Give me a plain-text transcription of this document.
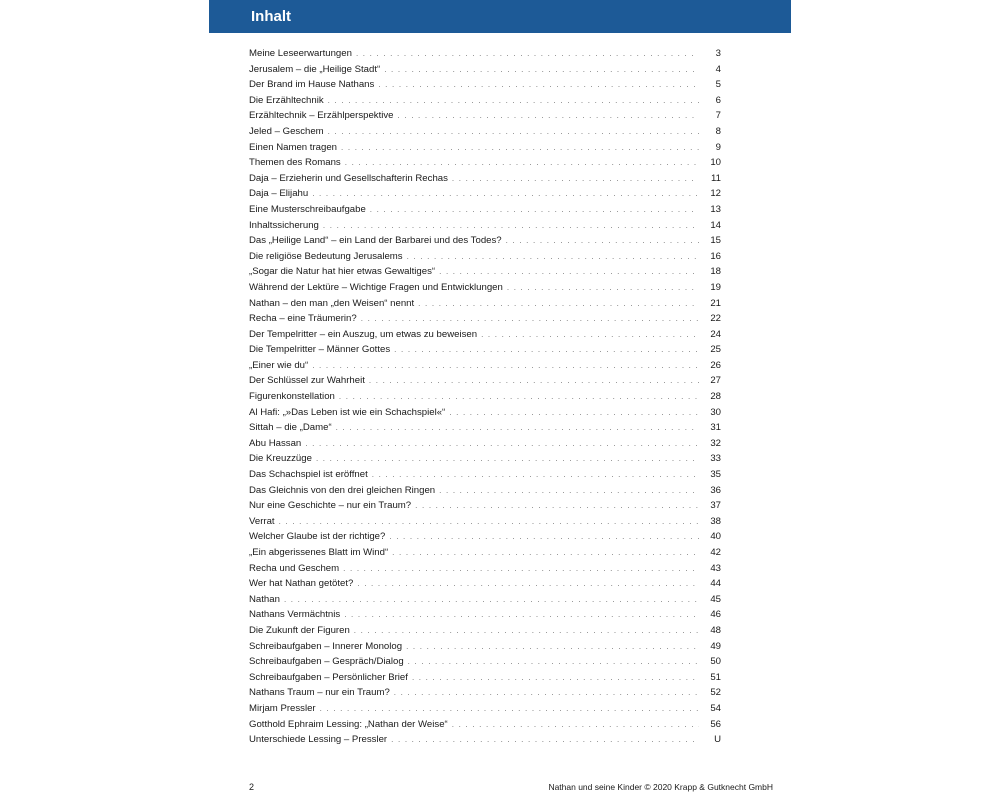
Inhalt
Meine Leseerwartungen . . .	3
Jerusalem – die „Heilige Stadt“ . . .	4
Der Brand im Hause Nathans . . .	5
Die Erzähltechnik . . .	6
Erzähltechnik – Erzählperspektive . . .	7
Jeled – Geschem . . .	8
Einen Namen tragen . . .	9
Themen des Romans . . .	10
Daja – Erzieherin und Gesellschafterin Rechas . . .	11
Daja – Elijahu . . .	12
Eine Musterschreibaufgabe . . .	13
Inhaltssicherung . . .	14
Das „Heilige Land“ – ein Land der Barbarei und des Todes? . . .	15
Die religiöse Bedeutung Jerusalems . . .	16
„Sogar die Natur hat hier etwas Gewaltiges“ . . .	18
Während der Lektüre – Wichtige Fragen und Entwicklungen . . .	19
Nathan – den man „den Weisen“ nennt . . .	21
Recha – eine Träumerin? . . .	22
Der Tempelritter – ein Auszug, um etwas zu beweisen . . .	24
Die Tempelritter – Männer Gottes . . .	25
„Einer wie du“ . . .	26
Der Schlüssel zur Wahrheit . . .	27
Figurenkonstellation . . .	28
Al Hafi: „»Das Leben ist wie ein Schachspiel«“ . . .	30
Sittah – die „Dame“ . . .	31
Abu Hassan . . .	32
Die Kreuzzüge . . .	33
Das Schachspiel ist eröffnet . . .	35
Das Gleichnis von den drei gleichen Ringen . . .	36
Nur eine Geschichte – nur ein Traum? . . .	37
Verrat . . .	38
Welcher Glaube ist der richtige? . . .	40
„Ein abgerissenes Blatt im Wind“ . . .	42
Recha und Geschem . . .	43
Wer hat Nathan getötet? . . .	44
Nathan . . .	45
Nathans Vermächtnis . . .	46
Die Zukunft der Figuren . . .	48
Schreibaufgaben – Innerer Monolog . . .	49
Schreibaufgaben – Gespräch/Dialog . . .	50
Schreibaufgaben – Persönlicher Brief . . .	51
Nathans Traum – nur ein Traum? . . .	52
Mirjam Pressler . . .	54
Gotthold Ephraim Lessing: „Nathan der Weise“ . . .	56
Unterschiede Lessing – Pressler . . .	U
2	Nathan und seine Kinder © 2020 Krapp & Gutknecht GmbH
